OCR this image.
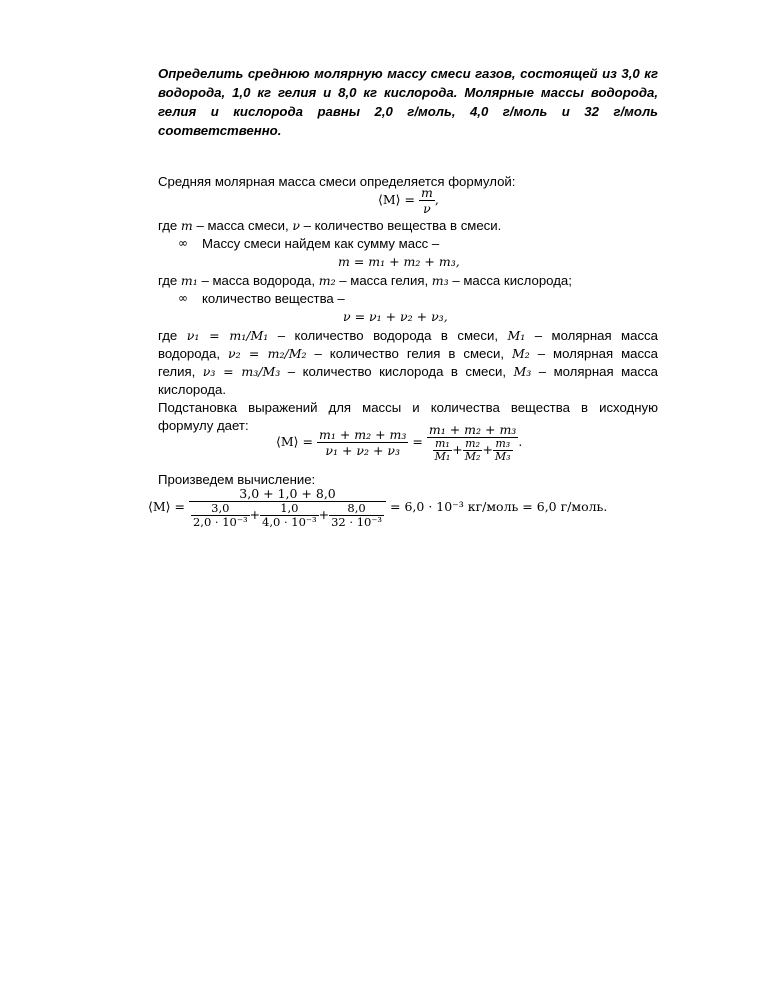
Определить среднюю молярную массу смеси газов, состоящей из 3,0 кг
водорода, 1,0 кг гелия и 8,0 кг кислорода. Молярные массы водорода,
гелия и кислорода равны 2,0 г/моль, 4,0 г/моль и 32 г/моль
соответственно.
Средняя молярная масса смеси определяется формулой:
⟨M⟩ = $\frac{m}{\nu}$ ,
где m – масса смеси, ν – количество вещества в смеси.
∞ Массу смеси найдем как сумму масс –
m = m₁ + m₂ + m₃,
где m₁ – масса водорода, m₂ – масса гелия, m₃ – масса кислорода;
∞ количество вещества –
ν = ν₁ + ν₂ + ν₃,
где ν₁ = m₁/M₁ – количество водорода в смеси, M₁ – молярная масса
водорода, ν₂ = m₂/M₂ – количество гелия в смеси, M₂ – молярная масса
гелия, ν₃ = m₃/M₃ – количество кислорода в смеси, M₃ – молярная масса
кислорода.
Подстановка выражений для массы и количества вещества в исходную
формулу дает:
⟨M⟩ = $\frac{\text{m₁ + m₂ + m₃}}{\text{ν₁ + ν₂ + ν₃}}$ =
m₁ + m₂ + m₃
$\frac{\text{m₁}}{\text{M₁}} + \frac{\text{m₂}}{\text{M₂}} + \frac{\text{m₃}}{\text{M₃}}$ .
Произведем вычисление:
⟨M⟩ =
3,0 + 1,0 + 8,0
$\frac{3,0}{\text{2,0 · 10⁻³}} + \frac{1,0}{\text{4,0 · 10⁻³}} + \frac{8,0}{\text{32 · 10⁻³}} = 6,0 \cdot 10^{-3}$ кг/моль = 6,0 г/моль.
